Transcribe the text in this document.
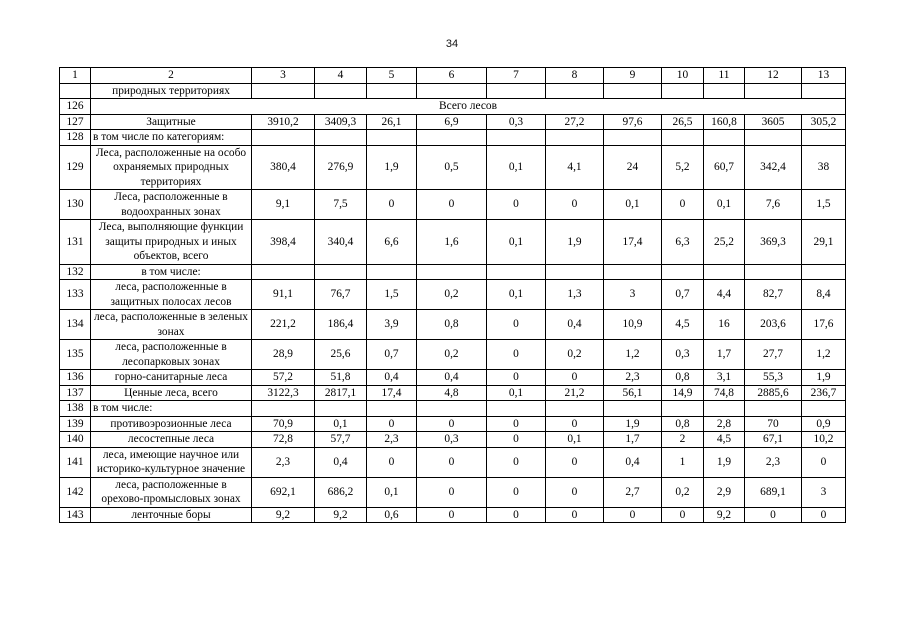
34
1	2	3	4	5	6	7	8	9	10	11	12	13
	природных территориях											
126	Всего лесов											
127	Защитные	3910,2	3409,3	26,1	6,9	0,3	27,2	97,6	26,5	160,8	3605	305,2
128	в том числе по категориям:											
129	Леса, расположенные на особо охраняемых природных территориях	380,4	276,9	1,9	0,5	0,1	4,1	24	5,2	60,7	342,4	38
130	Леса, расположенные в водоохранных зонах	9,1	7,5	0	0	0	0	0,1	0	0,1	7,6	1,5
131	Леса, выполняющие функции защиты природных и иных объектов, всего	398,4	340,4	6,6	1,6	0,1	1,9	17,4	6,3	25,2	369,3	29,1
132	в том числе:											
133	леса, расположенные в защитных полосах лесов	91,1	76,7	1,5	0,2	0,1	1,3	3	0,7	4,4	82,7	8,4
134	леса, расположенные в зеленых зонах	221,2	186,4	3,9	0,8	0	0,4	10,9	4,5	16	203,6	17,6
135	леса, расположенные в лесопарковых зонах	28,9	25,6	0,7	0,2	0	0,2	1,2	0,3	1,7	27,7	1,2
136	горно-санитарные леса	57,2	51,8	0,4	0,4	0	0	2,3	0,8	3,1	55,3	1,9
137	Ценные леса, всего	3122,3	2817,1	17,4	4,8	0,1	21,2	56,1	14,9	74,8	2885,6	236,7
138	в том числе:											
139	противоэрозионные леса	70,9	0,1	0	0	0	0	1,9	0,8	2,8	70	0,9
140	лесостепные леса	72,8	57,7	2,3	0,3	0	0,1	1,7	2	4,5	67,1	10,2
141	леса, имеющие научное или историко-культурное значение	2,3	0,4	0	0	0	0	0,4	1	1,9	2,3	0
142	леса, расположенные в орехово-промысловых зонах	692,1	686,2	0,1	0	0	0	2,7	0,2	2,9	689,1	3
143	ленточные боры	9,2	9,2	0,6	0	0	0	0	0	9,2	0	0
